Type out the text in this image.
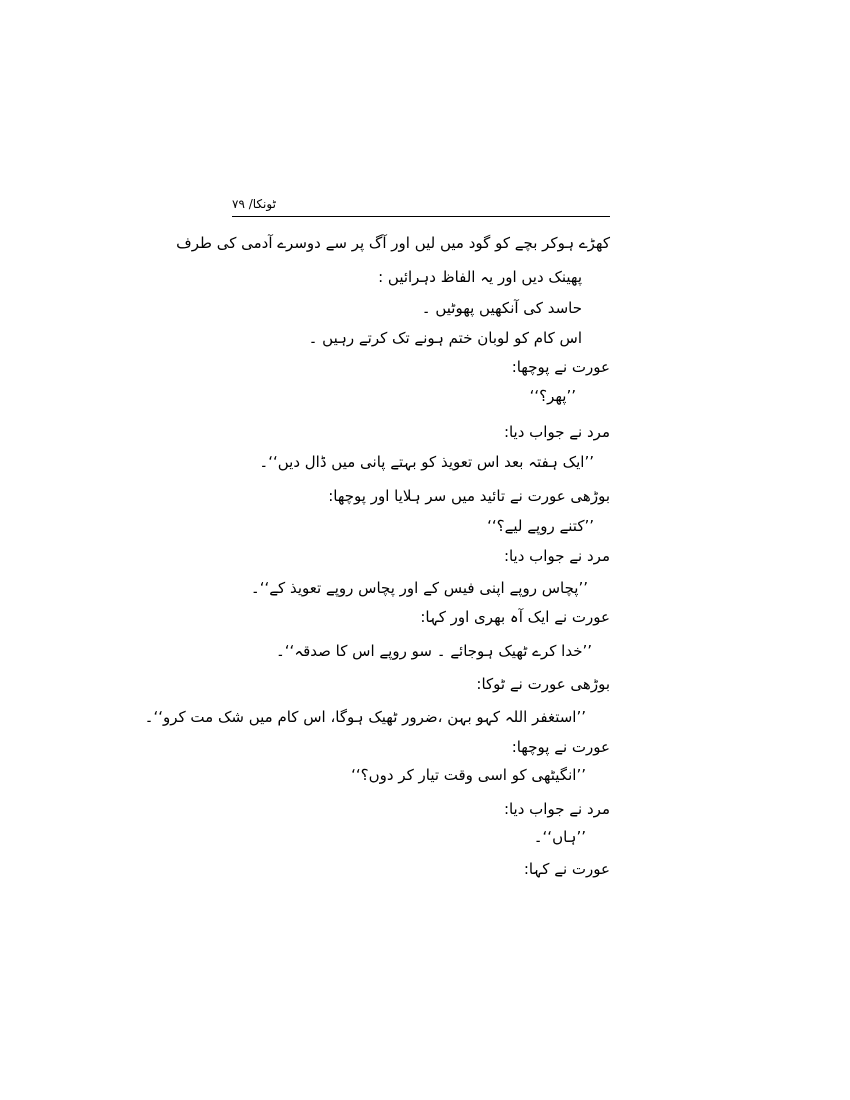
ٹونکا/ ٧٩
کھڑے ہوکر بچے کو گود میں لیں اور آگ پر سے دوسرے آدمی کی طرف
پھینک دیں اور یہ الفاظ دہرائیں :
حاسد کی آنکھیں پھوٹیں ۔
اس کام کو لوبان ختم ہونے تک کرتے رہیں ۔
عورت نے پوچھا:
’’پھر؟‘‘
مرد نے جواب دیا:
’’ایک ہفتہ بعد اس تعویذ کو بہتے پانی میں ڈال دیں‘‘۔
بوڑھی عورت نے تائید میں سر ہلایا اور پوچھا:
’’کتنے روپے لیے؟‘‘
مرد نے جواب دیا:
’’پچاس روپے اپنی فیس کے اور پچاس روپے تعویذ کے‘‘۔
عورت نے ایک آہ بھری اور کہا:
’’خدا کرے ٹھیک ہوجائے ۔ سو روپے اس کا صدقہ‘‘۔
بوڑھی عورت نے ٹوکا:
’’استغفر اللہ کہو بہن ،ضرور ٹھیک ہوگا، اس کام میں شک مت کرو‘‘۔
عورت نے پوچھا:
’’انگیٹھی کو اسی وقت تیار کر دوں؟‘‘
مرد نے جواب دیا:
’’ہاں‘‘۔
عورت نے کہا:
